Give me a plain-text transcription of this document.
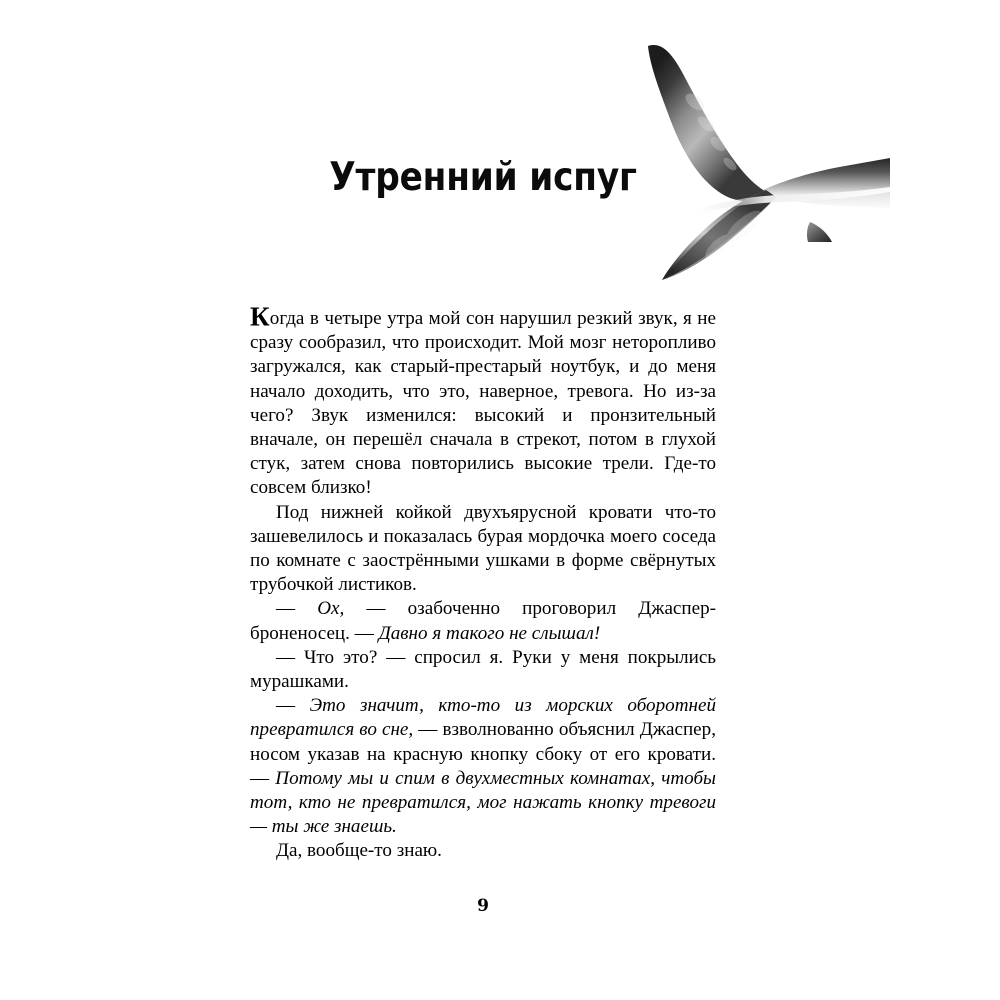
Утренний испуг

Когда в четыре утра мой сон нарушил резкий звук, я не сразу сообразил, что происходит. Мой мозг неторопливо загружался, как старый-престарый ноутбук, и до меня начало доходить, что это, наверное, тревога. Но из-за чего? Звук изменился: высокий и пронзительный вначале, он перешёл сначала в стрекот, потом в глухой стук, затем снова повторились высокие трели. Где-то совсем близко!

Под нижней койкой двухъярусной кровати что-то зашевелилось и показалась бурая мордочка моего соседа по комнате с заострёнными ушками в форме свёрнутых трубочкой листиков.

— Ох, — озабоченно проговорил Джаспер-броненосец. — Давно я такого не слышал!

— Что это? — спросил я. Руки у меня покрылись мурашками.

— Это значит, кто-то из морских оборотней превратился во сне, — взволнованно объяснил Джаспер, носом указав на красную кнопку сбоку от его кровати. — Потому мы и спим в двухместных комнатах, чтобы тот, кто не превратился, мог нажать кнопку тревоги — ты же знаешь.

Да, вообще-то знаю.

9
